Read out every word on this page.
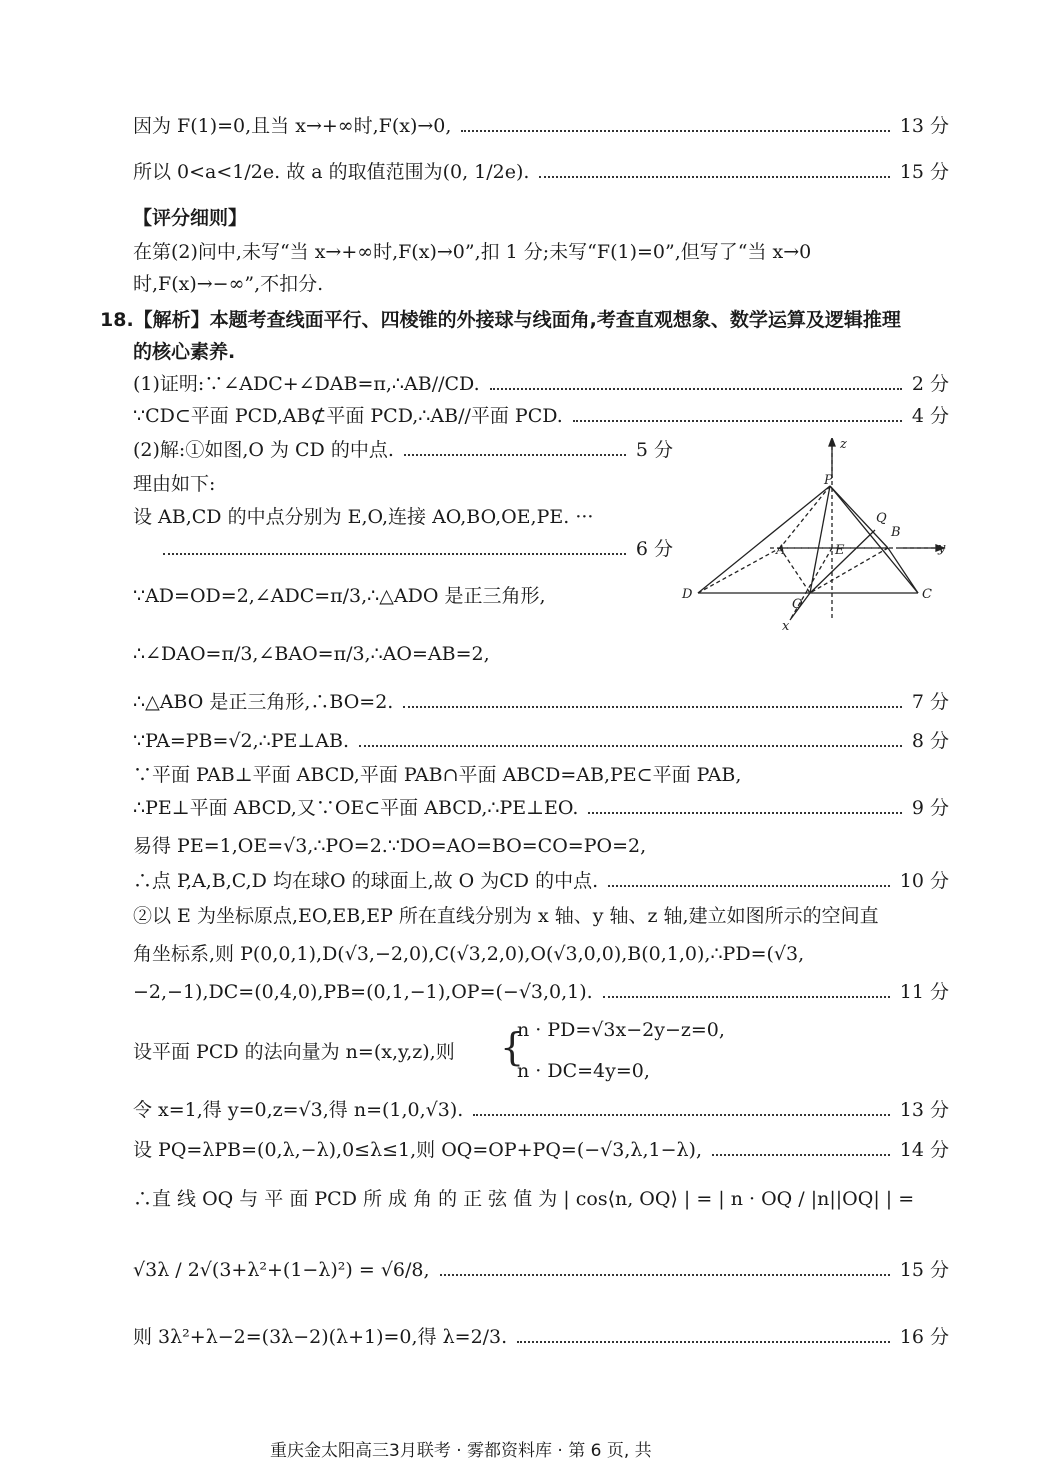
因为 F(1)=0,且当 x→+∞时,F(x)→0,	13 分
所以 0<a<1/2e. 故 a 的取值范围为(0, 1/2e).	15 分
【评分细则】
在第(2)问中,未写“当 x→+∞时,F(x)→0”,扣 1 分;未写“F(1)=0”,但写了“当 x→0
时,F(x)→−∞”,不扣分.
18.【解析】本题考查线面平行、四棱锥的外接球与线面角,考查直观想象、数学运算及逻辑推理
的核心素养.
(1)证明:∵∠ADC+∠DAB=π,∴AB//CD.	2 分
∵CD⊂平面 PCD,AB⊄平面 PCD,∴AB//平面 PCD.	4 分
(2)解:①如图,O 为 CD 的中点.	5 分
理由如下:
设 AB,CD 的中点分别为 E,O,连接 AO,BO,OE,PE. ···
6 分
∵AD=OD=2,∠ADC=π/3,∴△ADO 是正三角形,
∴∠DAO=π/3,∠BAO=π/3,∴AO=AB=2,
∴△ABO 是正三角形,∴BO=2.	7 分
∵PA=PB=√2,∴PE⊥AB.	8 分
∵平面 PAB⊥平面 ABCD,平面 PAB∩平面 ABCD=AB,PE⊂平面 PAB,
∴PE⊥平面 ABCD,又∵OE⊂平面 ABCD,∴PE⊥EO.	9 分
易得 PE=1,OE=√3,∴PO=2.∵DO=AO=BO=CO=PO=2,
∴点 P,A,B,C,D 均在球O 的球面上,故 O 为CD 的中点.	10 分
②以 E 为坐标原点,EO,EB,EP 所在直线分别为 x 轴、y 轴、z 轴,建立如图所示的空间直
角坐标系,则 P(0,0,1),D(√3,−2,0),C(√3,2,0),O(√3,0,0),B(0,1,0),∴PD=(√3,
−2,−1),DC=(0,4,0),PB=(0,1,−1),OP=(−√3,0,1).	11 分
设平面 PCD 的法向量为 n=(x,y,z),则 {
n · PD=√3x−2y−z=0,
n · DC=4y=0,
令 x=1,得 y=0,z=√3,得 n=(1,0,√3).	13 分
设 PQ=λPB=(0,λ,−λ),0≤λ≤1,则 OQ=OP+PQ=(−√3,λ,1−λ),	14 分
∴直 线 OQ 与 平 面 PCD 所 成 角 的 正 弦 值 为 | cos⟨n, OQ⟩ | = | n · OQ / |n||OQ| | =
√3λ / 2√(3+λ²+(1−λ)²) = √6/8,	15 分
则 3λ²+λ−2=(3λ−2)(λ+1)=0,得 λ=2/3.	16 分
P
Q
B
A	E
D	C
O
x
y
z
重庆金太阳高三3月联考 · 雾都资料库 · 第 6 页, 共
